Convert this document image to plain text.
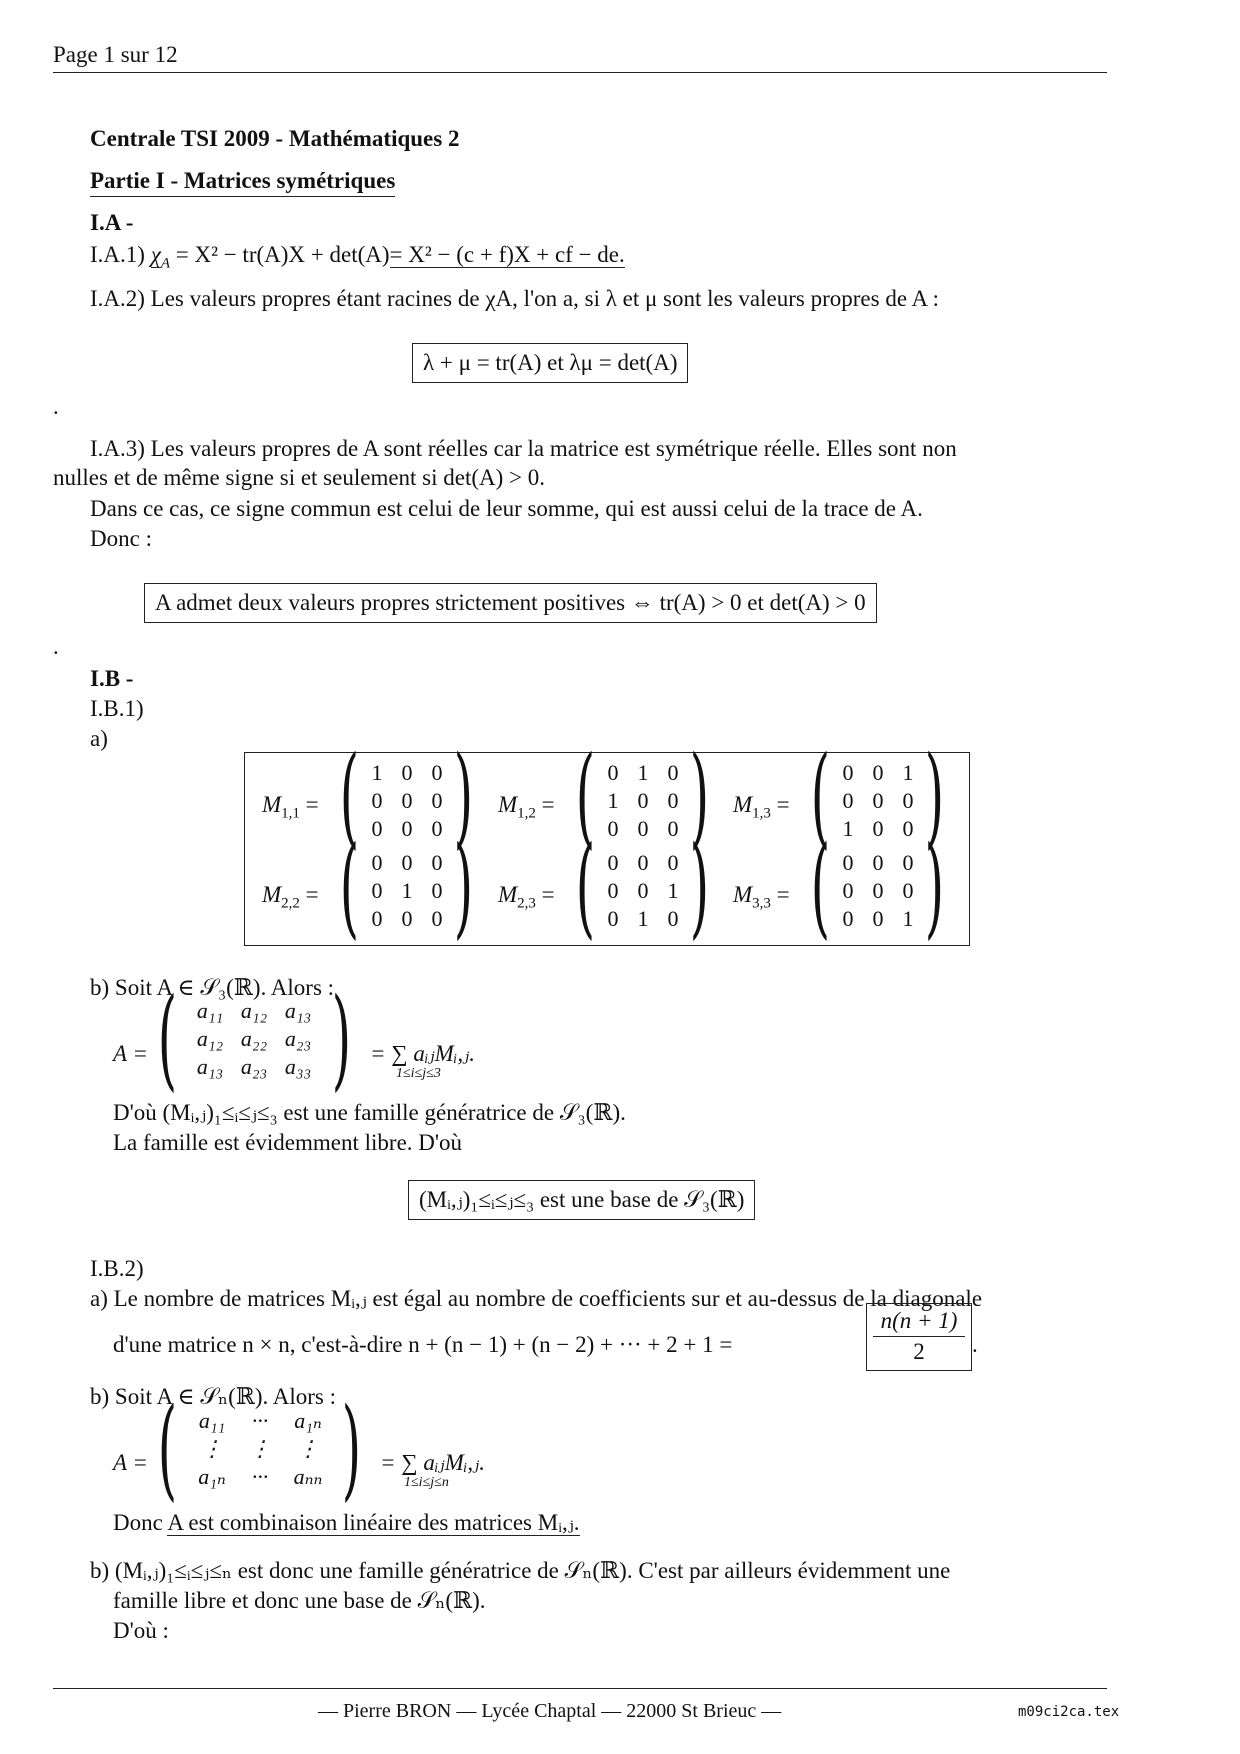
Page 1 sur 12
Centrale TSI 2009 - Mathématiques 2
Partie I - Matrices symétriques
I.A -
I.A.1) $\chi_A = X^2 - tr(A)X + \det(A)= X^2 - (c + f)X$ + cf − de.
I.A.2) Les valeurs propres étant racines de χA, l'on a, si λ et μ sont les valeurs propres de A :
λ + μ = tr(A) et λμ = det(A)
.
I.A.3) Les valeurs propres de A sont réelles car la matrice est symétrique réelle. Elles sont non
nulles et de même signe si et seulement si det(A) > 0.
Dans ce cas, ce signe commun est celui de leur somme, qui est aussi celui de la trace de A.
Donc :
A admet deux valeurs propres strictement positives ⇔ tr(A) > 0 et det(A) > 0
.
I.B -
I.B.1)
a)
$M_{1,1}$ = ( 1 0 0
0 0 0
0 0 0 ) $M_{1,2}$ = ( 0 1 0
1 0 0
0 0 0 ) $M_{1,3}$ = ( 0 0 1
0 0 0
1 0 0 )
$M_{2,2}$ = ( 0 0 0
0 1 0
0 0 0 ) $M_{2,3}$ = ( 0 0 0
0 0 1
0 1 0 ) $M_{3,3}$ = ( 0 0 0
0 0 0
0 0 1 )
b) Soit A ∈ 𝒮₃(ℝ). Alors :
A = ( a₁₁ a₁₂ a₁₃
a₁₂ a₂₂ a₂₃
a₁₃ a₂₃ a₃₃ ) = ∑ aᵢⱼMᵢ,ⱼ.
1≤i≤j≤3
D'où (Mᵢ,ⱼ)₁≤ᵢ≤ⱼ≤₃ est une famille génératrice de 𝒮₃(ℝ).
La famille est évidemment libre. D'où
(Mᵢ,ⱼ)₁≤ᵢ≤ⱼ≤₃ est une base de 𝒮₃(ℝ)
I.B.2)
a) Le nombre de matrices Mᵢ,ⱼ est égal au nombre de coefficients sur et au-dessus de la diagonale
d'une matrice n × n, c'est-à-dire n + (n − 1) + (n − 2) + ··· + 2 + 1 =	$\frac{n(n + 1)}{2}$ .
b) Soit A ∈ 𝒮ₙ(ℝ). Alors :
A = ( a₁₁	···	a₁ₙ
⋮	⋮	⋮
a₁ₙ	···	aₙₙ ) = ∑ aᵢⱼMᵢ,ⱼ.
1≤i≤j≤n
Donc A est combinaison linéaire des matrices Mᵢ,ⱼ.
b) (Mᵢ,ⱼ)₁≤ᵢ≤ⱼ≤ₙ est donc une famille génératrice de 𝒮ₙ(ℝ). C'est par ailleurs évidemment une
famille libre et donc une base de 𝒮ₙ(ℝ).
D'où :
— Pierre BRON — Lycée Chaptal — 22000 St Brieuc —	m09ci2ca.tex
